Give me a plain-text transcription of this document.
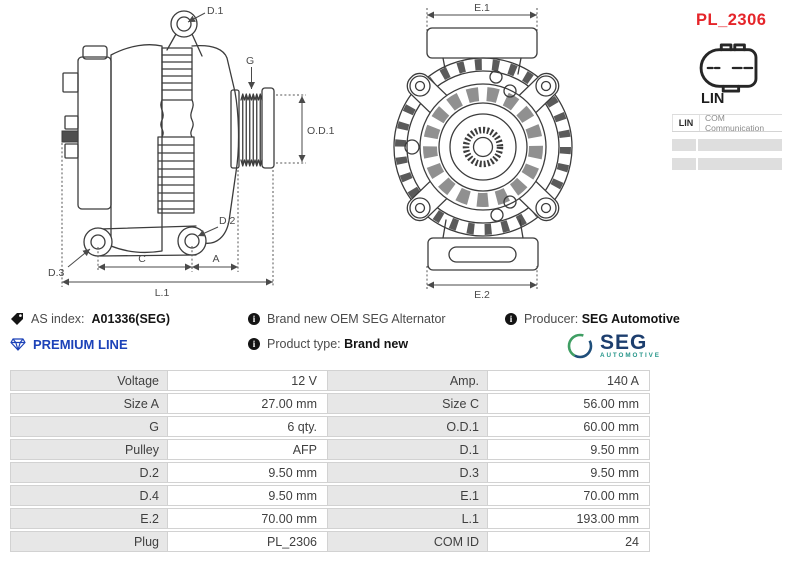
D.1
G
D.2
D.3
O.D.1
C	A
L.1
E.1
E.2
PL_2306
LIN
LIN	COM Communication
AS index: A01336(SEG)	i Brand new OEM SEG Alternator	i Producer: SEG Automotive
PREMIUM LINE	i Product type: Brand new	SEG
AUTOMOTIVE
Voltage	12 V	Amp.	140 A
Size A	27.00 mm	Size C	56.00 mm
G	6 qty.	O.D.1	60.00 mm
Pulley	AFP	D.1	9.50 mm
D.2	9.50 mm	D.3	9.50 mm
D.4	9.50 mm	E.1	70.00 mm
E.2	70.00 mm	L.1	193.00 mm
Plug	PL_2306	COM ID	24
